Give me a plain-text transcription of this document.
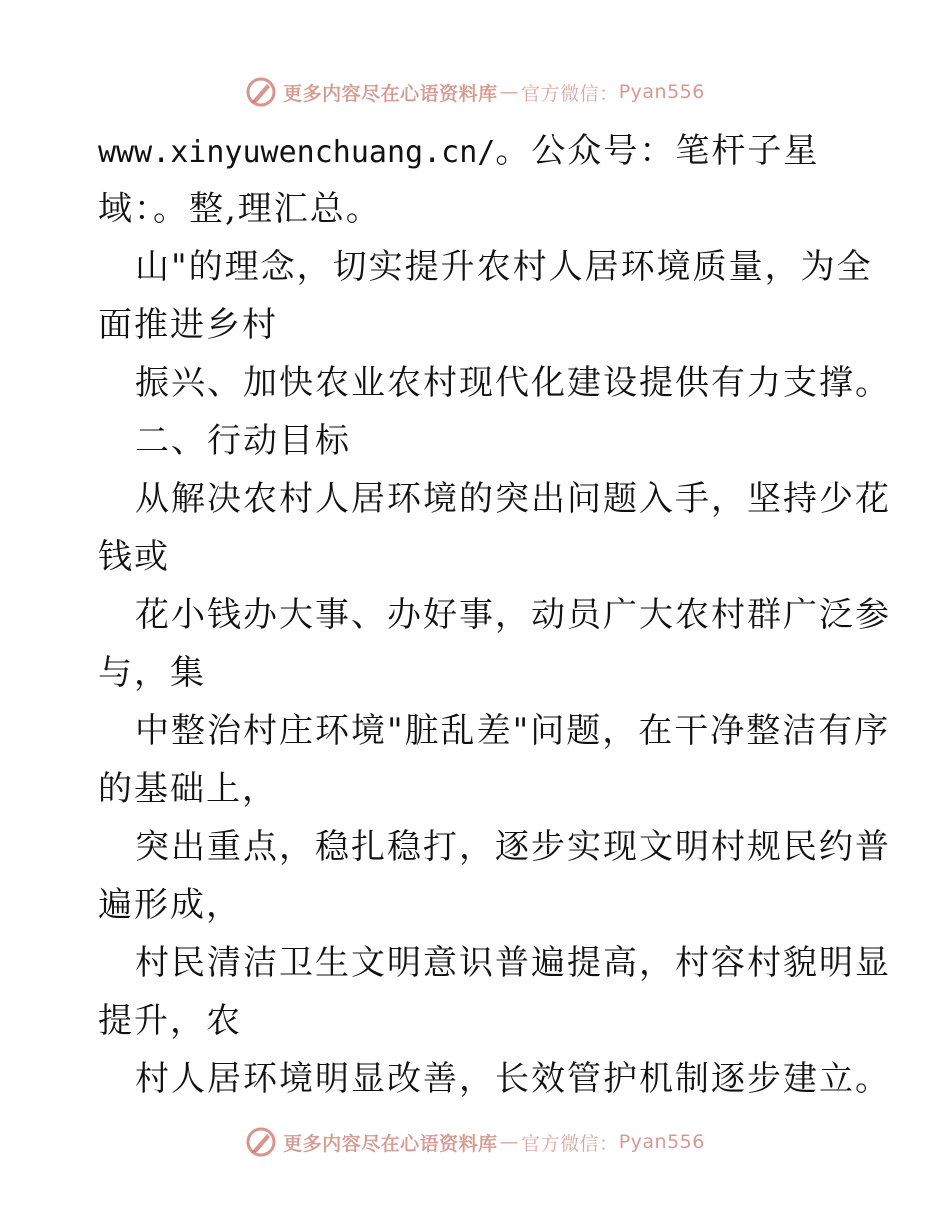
更多内容尽在心语资料库 — 官方微信： Pyan556
www.xinyuwenchuang.cn/。公众号：笔杆子星
域：。整,理汇总。
山"的理念，切实提升农村人居环境质量，为全
面推进乡村
振兴、加快农业农村现代化建设提供有力支撑。
二、行动目标
从解决农村人居环境的突出问题入手，坚持少花
钱或
花小钱办大事、办好事，动员广大农村群广泛参
与，集
中整治村庄环境"脏乱差"问题，在干净整洁有序
的基础上，
突出重点，稳扎稳打，逐步实现文明村规民约普
遍形成，
村民清洁卫生文明意识普遍提高，村容村貌明显
提升，农
村人居环境明显改善，长效管护机制逐步建立。
更多内容尽在心语资料库 — 官方微信： Pyan556
